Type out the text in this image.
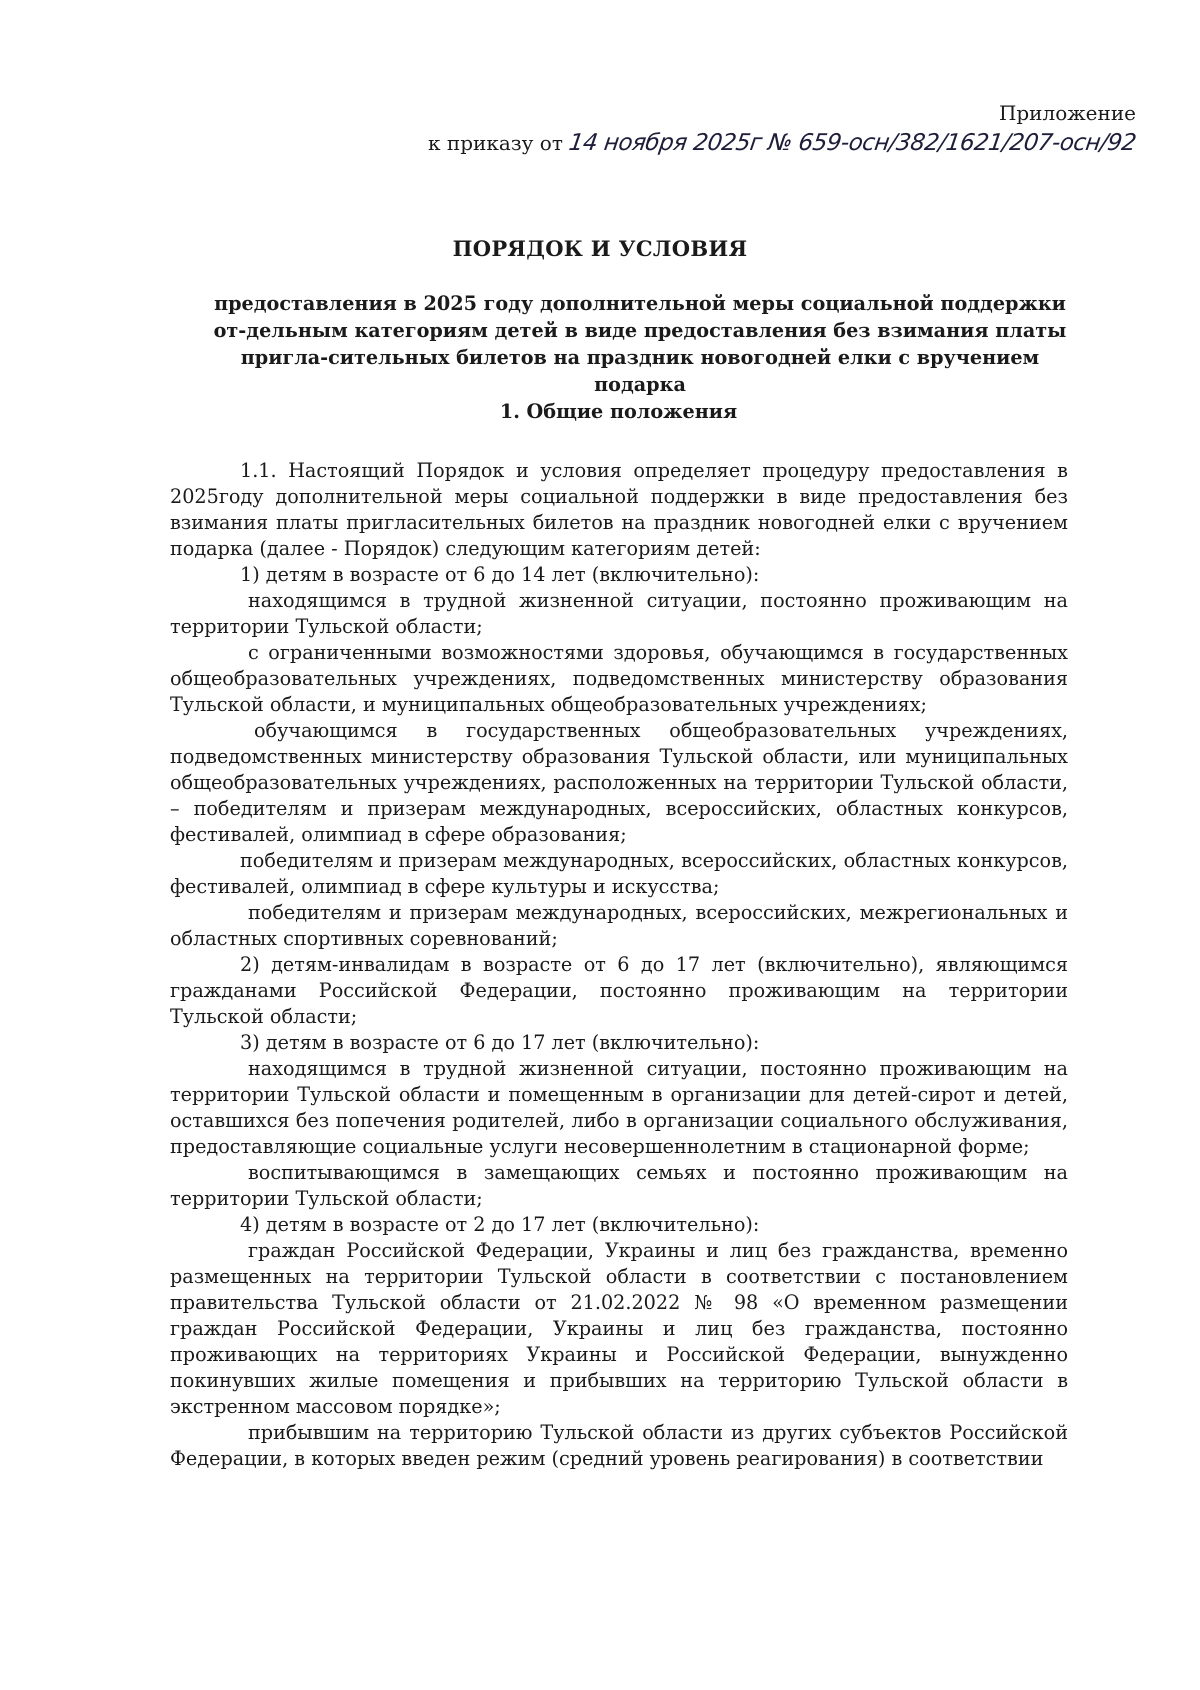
Приложение
к приказу от 14 ноября 2025г № 659-осн/382/1621/207-осн/92
ПОРЯДОК И УСЛОВИЯ
предоставления в 2025 году дополнительной меры социальной поддержки от-дельным категориям детей в виде предоставления без взимания платы приглa-сительных билетов на праздник новогодней елки с вручением подарка
1. Общие положения

1.1. Настоящий Порядок и условия определяет процедуру предоставления в 2025году дополнительной меры социальной поддержки в виде предоставления без взимания платы пригласительных билетов на праздник новогодней елки с вручением подарка (далее - Порядок) следующим категориям детей:

1) детям в возрасте от 6 до 14 лет (включительно):

находящимся в трудной жизненной ситуации, постоянно проживающим на территории Тульской области;

с ограниченными возможностями здоровья, обучающимся в государственных общеобразовательных учреждениях, подведомственных министерству образования Тульской области, и муниципальных общеобразовательных учреждениях;

обучающимся в государственных общеобразовательных учреждениях, подведомственных министерству образования Тульской области, или муниципальных общеобразовательных учреждениях, расположенных на территории Тульской области, – победителям и призерам международных, всероссийских, областных конкурсов, фестивалей, олимпиад в сфере образования;

победителям и призерам международных, всероссийских, областных конкурсов, фестивалей, олимпиад в сфере культуры и искусства;

победителям и призерам международных, всероссийских, межрегиональных и областных спортивных соревнований;

2) детям-инвалидам в возрасте от 6 до 17 лет (включительно), являющимся гражданами Российской Федерации, постоянно проживающим на территории Тульской области;

3) детям в возрасте от 6 до 17 лет (включительно):

находящимся в трудной жизненной ситуации, постоянно проживающим на территории Тульской области и помещенным в организации для детей-сирот и детей, оставшихся без попечения родителей, либо в организации социального обслуживания, предоставляющие социальные услуги несовершеннолетним в стационарной форме;

воспитывающимся в замещающих семьях и постоянно проживающим на территории Тульской области;

4) детям в возрасте от 2 до 17 лет (включительно):

граждан Российской Федерации, Украины и лиц без гражданства, временно размещенных на территории Тульской области в соответствии с постановлением правительства Тульской области от 21.02.2022 № 98 «О временном размещении граждан Российской Федерации, Украины и лиц без гражданства, постоянно проживающих на территориях Украины и Российской Федерации, вынужденно покинувших жилые помещения и прибывших на территорию Тульской области в экстренном массовом порядке»;

прибывшим на территорию Тульской области из других субъектов Российской Федерации, в которых введен режим (средний уровень реагирования) в соответствии
